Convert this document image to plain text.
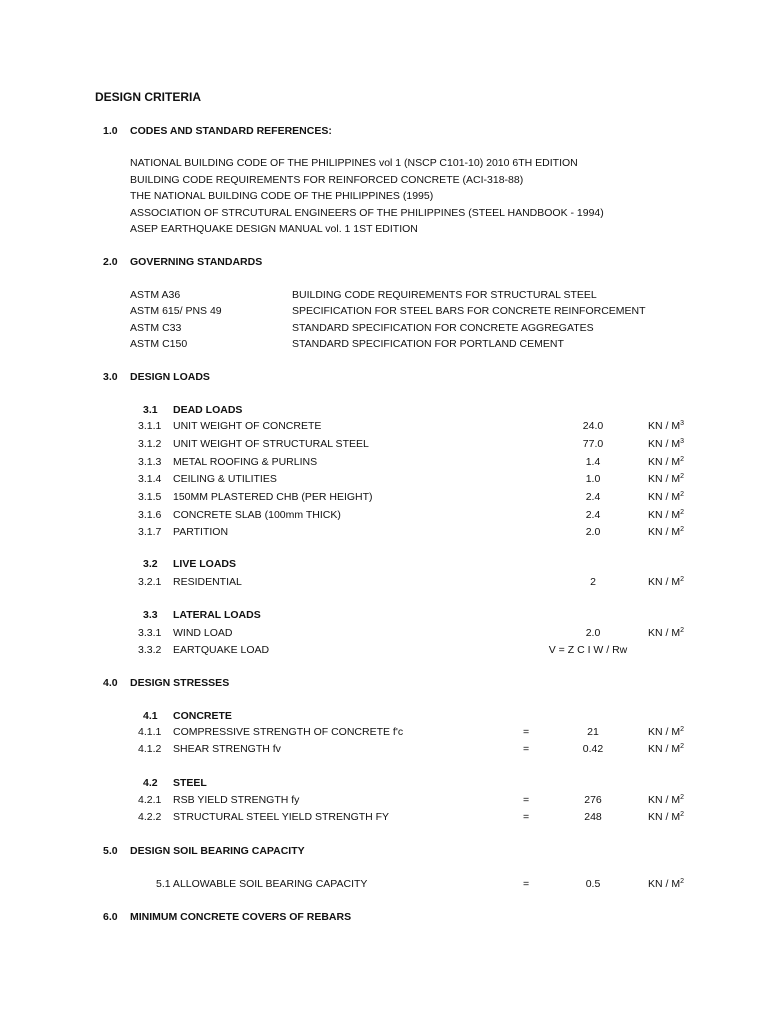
DESIGN CRITERIA
1.0 CODES AND STANDARD REFERENCES:
NATIONAL BUILDING CODE OF THE PHILIPPINES vol 1 (NSCP C101-10) 2010 6TH EDITION
BUILDING CODE REQUIREMENTS FOR REINFORCED CONCRETE (ACI-318-88)
THE NATIONAL BUILDING CODE OF THE PHILIPPINES (1995)
ASSOCIATION OF STRCUTURAL ENGINEERS OF THE PHILIPPINES (STEEL HANDBOOK - 1994)
ASEP EARTHQUAKE DESIGN MANUAL vol. 1 1ST EDITION
2.0 GOVERNING STANDARDS
ASTM A36	BUILDING CODE REQUIREMENTS FOR STRUCTURAL STEEL
ASTM 615/ PNS 49	SPECIFICATION FOR STEEL BARS FOR CONCRETE REINFORCEMENT
ASTM C33	STANDARD SPECIFICATION FOR CONCRETE AGGREGATES
ASTM C150	STANDARD SPECIFICATION FOR PORTLAND CEMENT
3.0 DESIGN LOADS
3.1 DEAD LOADS
3.1.1 UNIT WEIGHT OF CONCRETE	24.0	KN / $M^3$
3.1.2 UNIT WEIGHT OF STRUCTURAL STEEL	77.0	KN / $M^3$
3.1.3 METAL ROOFING & PURLINS	1.4	KN / $M^2$
3.1.4 CEILING & UTILITIES	1.0	KN / $M^2$
3.1.5 150MM PLASTERED CHB (PER HEIGHT)	2.4	KN / $M^2$
3.1.6 CONCRETE SLAB (100mm THICK)	2.4	KN / $M^2$
3.1.7 PARTITION	2.0	KN / $M^2$
3.2 LIVE LOADS
3.2.1 RESIDENTIAL	2	KN / $M^2$
3.3 LATERAL LOADS
3.3.1 WIND LOAD	2.0	KN / $M^2$
3.3.2 EARTQUAKE LOAD	V = Z C I W / Rw
4.0 DESIGN STRESSES
4.1 CONCRETE
4.1.1 COMPRESSIVE STRENGTH OF CONCRETE f'c	=	21	KN / $M^2$
4.1.2 SHEAR STRENGTH fv	=	0.42	KN / $M^2$
4.2 STEEL
4.2.1 RSB YIELD STRENGTH fy	=	276	KN / $M^2$
4.2.2 STRUCTURAL STEEL YIELD STRENGTH FY	=	248	KN / $M^2$
5.0 DESIGN SOIL BEARING CAPACITY
5.1 ALLOWABLE SOIL BEARING CAPACITY	=	0.5	KN / $M^2$
6.0 MINIMUM CONCRETE COVERS OF REBARS
